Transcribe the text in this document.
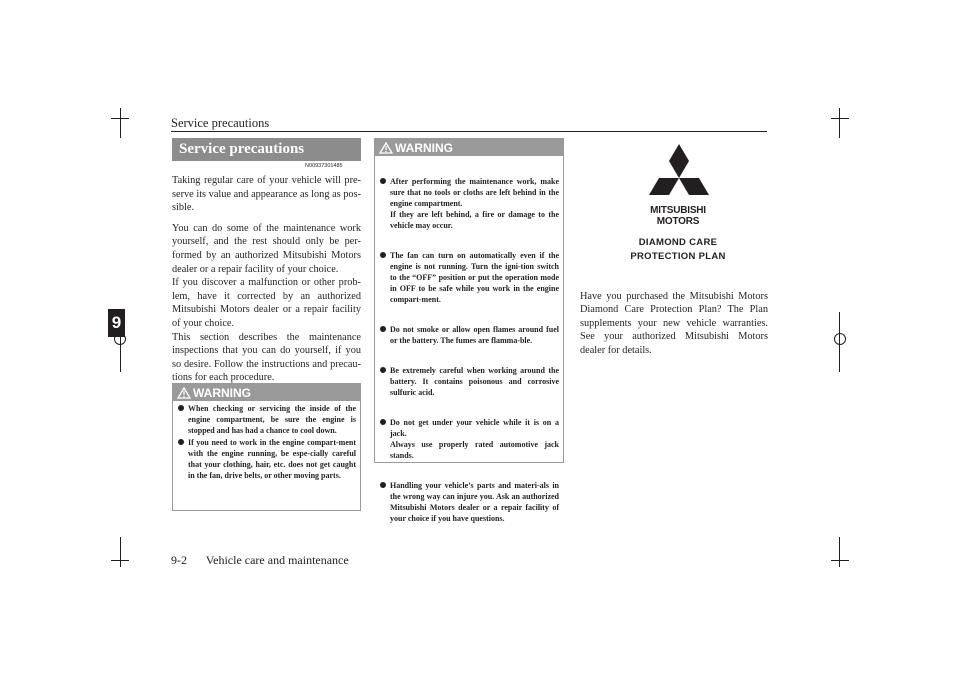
Service precautions
9
Service precautions
N00937301485

Taking regular care of your vehicle will pre-serve its value and appearance as long as pos-sible.

You can do some of the maintenance work yourself, and the rest should only be per-formed by an authorized Mitsubishi Motors dealer or a repair facility of your choice.

If you discover a malfunction or other prob-lem, have it corrected by an authorized Mitsubishi Motors dealer or a repair facility of your choice.

This section describes the maintenance inspections that you can do yourself, if you so desire. Follow the instructions and precau-tions for each procedure.

WARNING
When checking or servicing the inside of the engine compartment, be sure the engine is stopped and has had a chance to cool down.
If you need to work in the engine compart-ment with the engine running, be espe-cially careful that your clothing, hair, etc. does not get caught in the fan, drive belts, or other moving parts.
WARNING

After performing the maintenance work, make sure that no tools or cloths are left behind in the engine compartment.
If they are left behind, a fire or damage to the vehicle may occur.

The fan can turn on automatically even if the engine is not running. Turn the igni-tion switch to the “OFF” position or put the operation mode in OFF to be safe while you work in the engine compart-ment.

Do not smoke or allow open flames around fuel or the battery. The fumes are flamma-ble.

Be extremely careful when working around the battery. It contains poisonous and corrosive sulfuric acid.

Do not get under your vehicle while it is on a jack.
Always use properly rated automotive jack stands.

Handling your vehicle’s parts and materi-als in the wrong way can injure you. Ask an authorized Mitsubishi Motors dealer or a repair facility of your choice if you have questions.

MITSUBISHI
MOTORS
DIAMOND CARE
PROTECTION PLAN
Have you purchased the Mitsubishi Motors Diamond Care Protection Plan? The Plan supplements your new vehicle warranties. See your authorized Mitsubishi Motors dealer for details.
9-2 Vehicle care and maintenance
